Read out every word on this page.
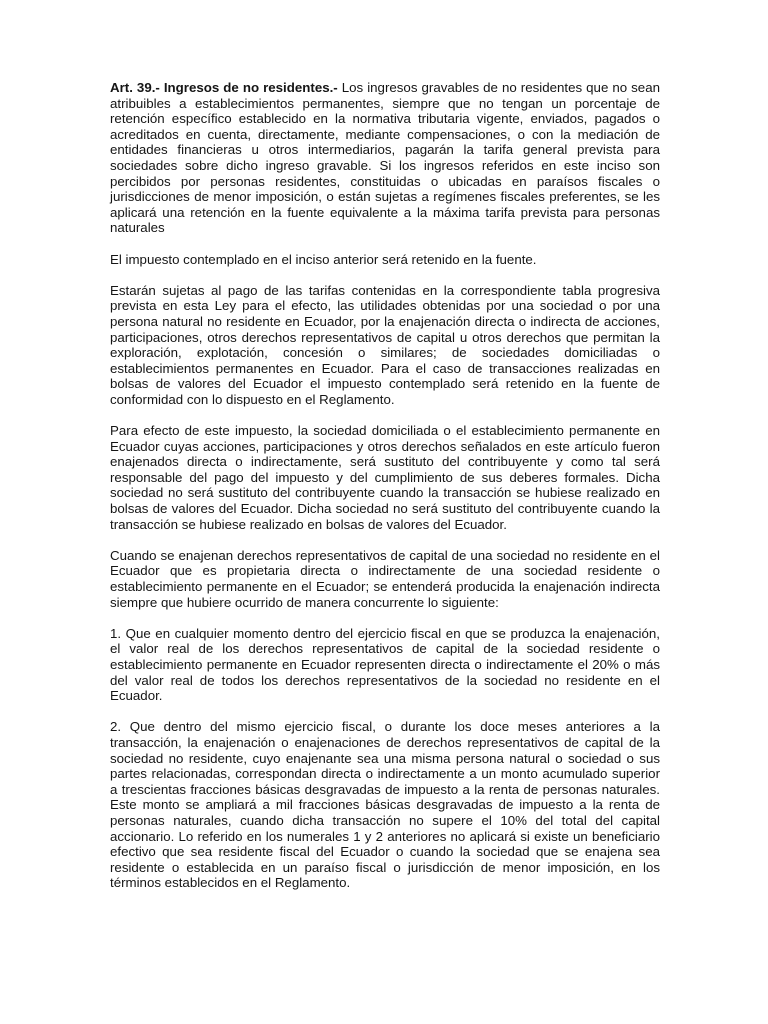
Art. 39.- Ingresos de no residentes.- Los ingresos gravables de no residentes que no sean atribuibles a establecimientos permanentes, siempre que no tengan un porcentaje de retención específico establecido en la normativa tributaria vigente, enviados, pagados o acreditados en cuenta, directamente, mediante compensaciones, o con la mediación de entidades financieras u otros intermediarios, pagarán la tarifa general prevista para sociedades sobre dicho ingreso gravable. Si los ingresos referidos en este inciso son percibidos por personas residentes, constituidas o ubicadas en paraísos fiscales o jurisdicciones de menor imposición, o están sujetas a regímenes fiscales preferentes, se les aplicará una retención en la fuente equivalente a la máxima tarifa prevista para personas naturales

El impuesto contemplado en el inciso anterior será retenido en la fuente.

Estarán sujetas al pago de las tarifas contenidas en la correspondiente tabla progresiva prevista en esta Ley para el efecto, las utilidades obtenidas por una sociedad o por una persona natural no residente en Ecuador, por la enajenación directa o indirecta de acciones, participaciones, otros derechos representativos de capital u otros derechos que permitan la exploración, explotación, concesión o similares; de sociedades domiciliadas o establecimientos permanentes en Ecuador. Para el caso de transacciones realizadas en bolsas de valores del Ecuador el impuesto contemplado será retenido en la fuente de conformidad con lo dispuesto en el Reglamento.

Para efecto de este impuesto, la sociedad domiciliada o el establecimiento permanente en Ecuador cuyas acciones, participaciones y otros derechos señalados en este artículo fueron enajenados directa o indirectamente, será sustituto del contribuyente y como tal será responsable del pago del impuesto y del cumplimiento de sus deberes formales. Dicha sociedad no será sustituto del contribuyente cuando la transacción se hubiese realizado en bolsas de valores del Ecuador. Dicha sociedad no será sustituto del contribuyente cuando la transacción se hubiese realizado en bolsas de valores del Ecuador.

Cuando se enajenan derechos representativos de capital de una sociedad no residente en el Ecuador que es propietaria directa o indirectamente de una sociedad residente o establecimiento permanente en el Ecuador; se entenderá producida la enajenación indirecta siempre que hubiere ocurrido de manera concurrente lo siguiente:

1. Que en cualquier momento dentro del ejercicio fiscal en que se produzca la enajenación, el valor real de los derechos representativos de capital de la sociedad residente o establecimiento permanente en Ecuador representen directa o indirectamente el 20% o más del valor real de todos los derechos representativos de la sociedad no residente en el Ecuador.

2. Que dentro del mismo ejercicio fiscal, o durante los doce meses anteriores a la transacción, la enajenación o enajenaciones de derechos representativos de capital de la sociedad no residente, cuyo enajenante sea una misma persona natural o sociedad o sus partes relacionadas, correspondan directa o indirectamente a un monto acumulado superior a trescientas fracciones básicas desgravadas de impuesto a la renta de personas naturales. Este monto se ampliará a mil fracciones básicas desgravadas de impuesto a la renta de personas naturales, cuando dicha transacción no supere el 10% del total del capital accionario. Lo referido en los numerales 1 y 2 anteriores no aplicará si existe un beneficiario efectivo que sea residente fiscal del Ecuador o cuando la sociedad que se enajena sea residente o establecida en un paraíso fiscal o jurisdicción de menor imposición, en los términos establecidos en el Reglamento.
